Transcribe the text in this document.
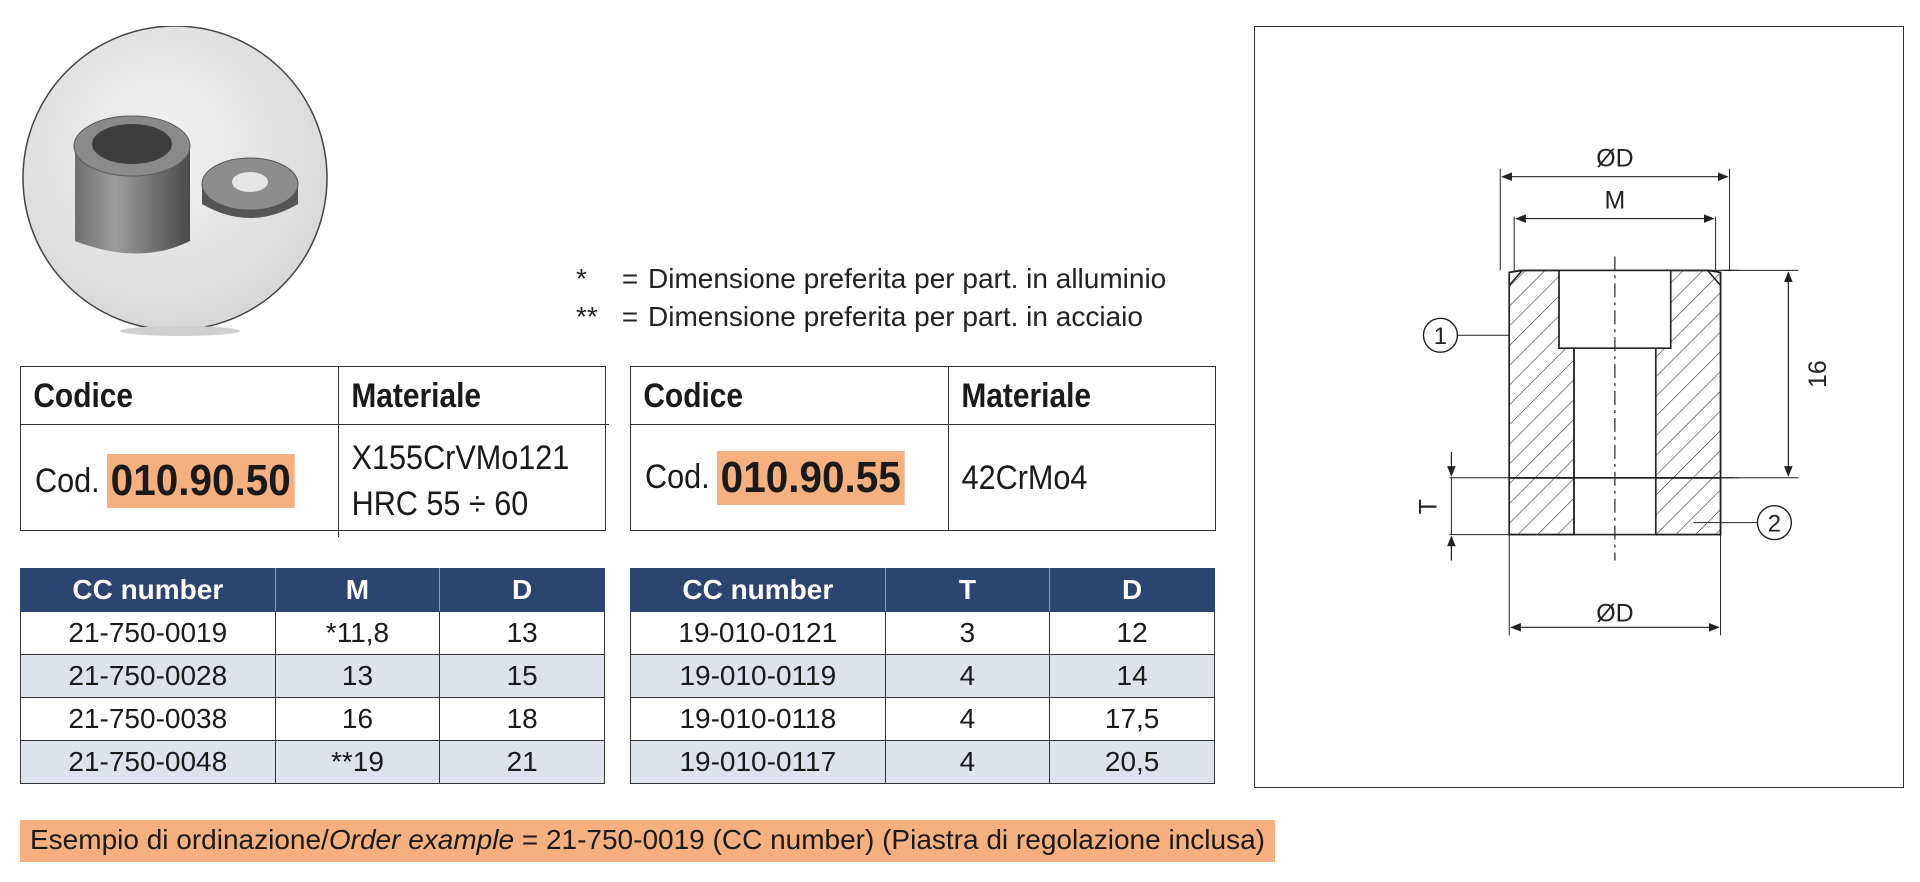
*	= Dimensione preferita per part. in alluminio
** = Dimensione preferita per part. in acciaio
Codice	Materiale
Cod. 010.90.50 X155CrVMo121
HRC 55 ÷ 60
Codice	Materiale
Cod. 010.90.55 42CrMo4
CC number	M	D
21-750-0019	*11,8	13
21-750-0028	13	15
21-750-0038	16	18
21-750-0048	**19	21
CC number	T	D
19-010-0121	3	12
19-010-0119	4	14
19-010-0118	4	17,5
19-010-0117	4	20,5
ØD
M
16
T
ØD
1
2
Esempio di ordinazione/Order example = 21-750-0019 (CC number) (Piastra di regolazione inclusa)
